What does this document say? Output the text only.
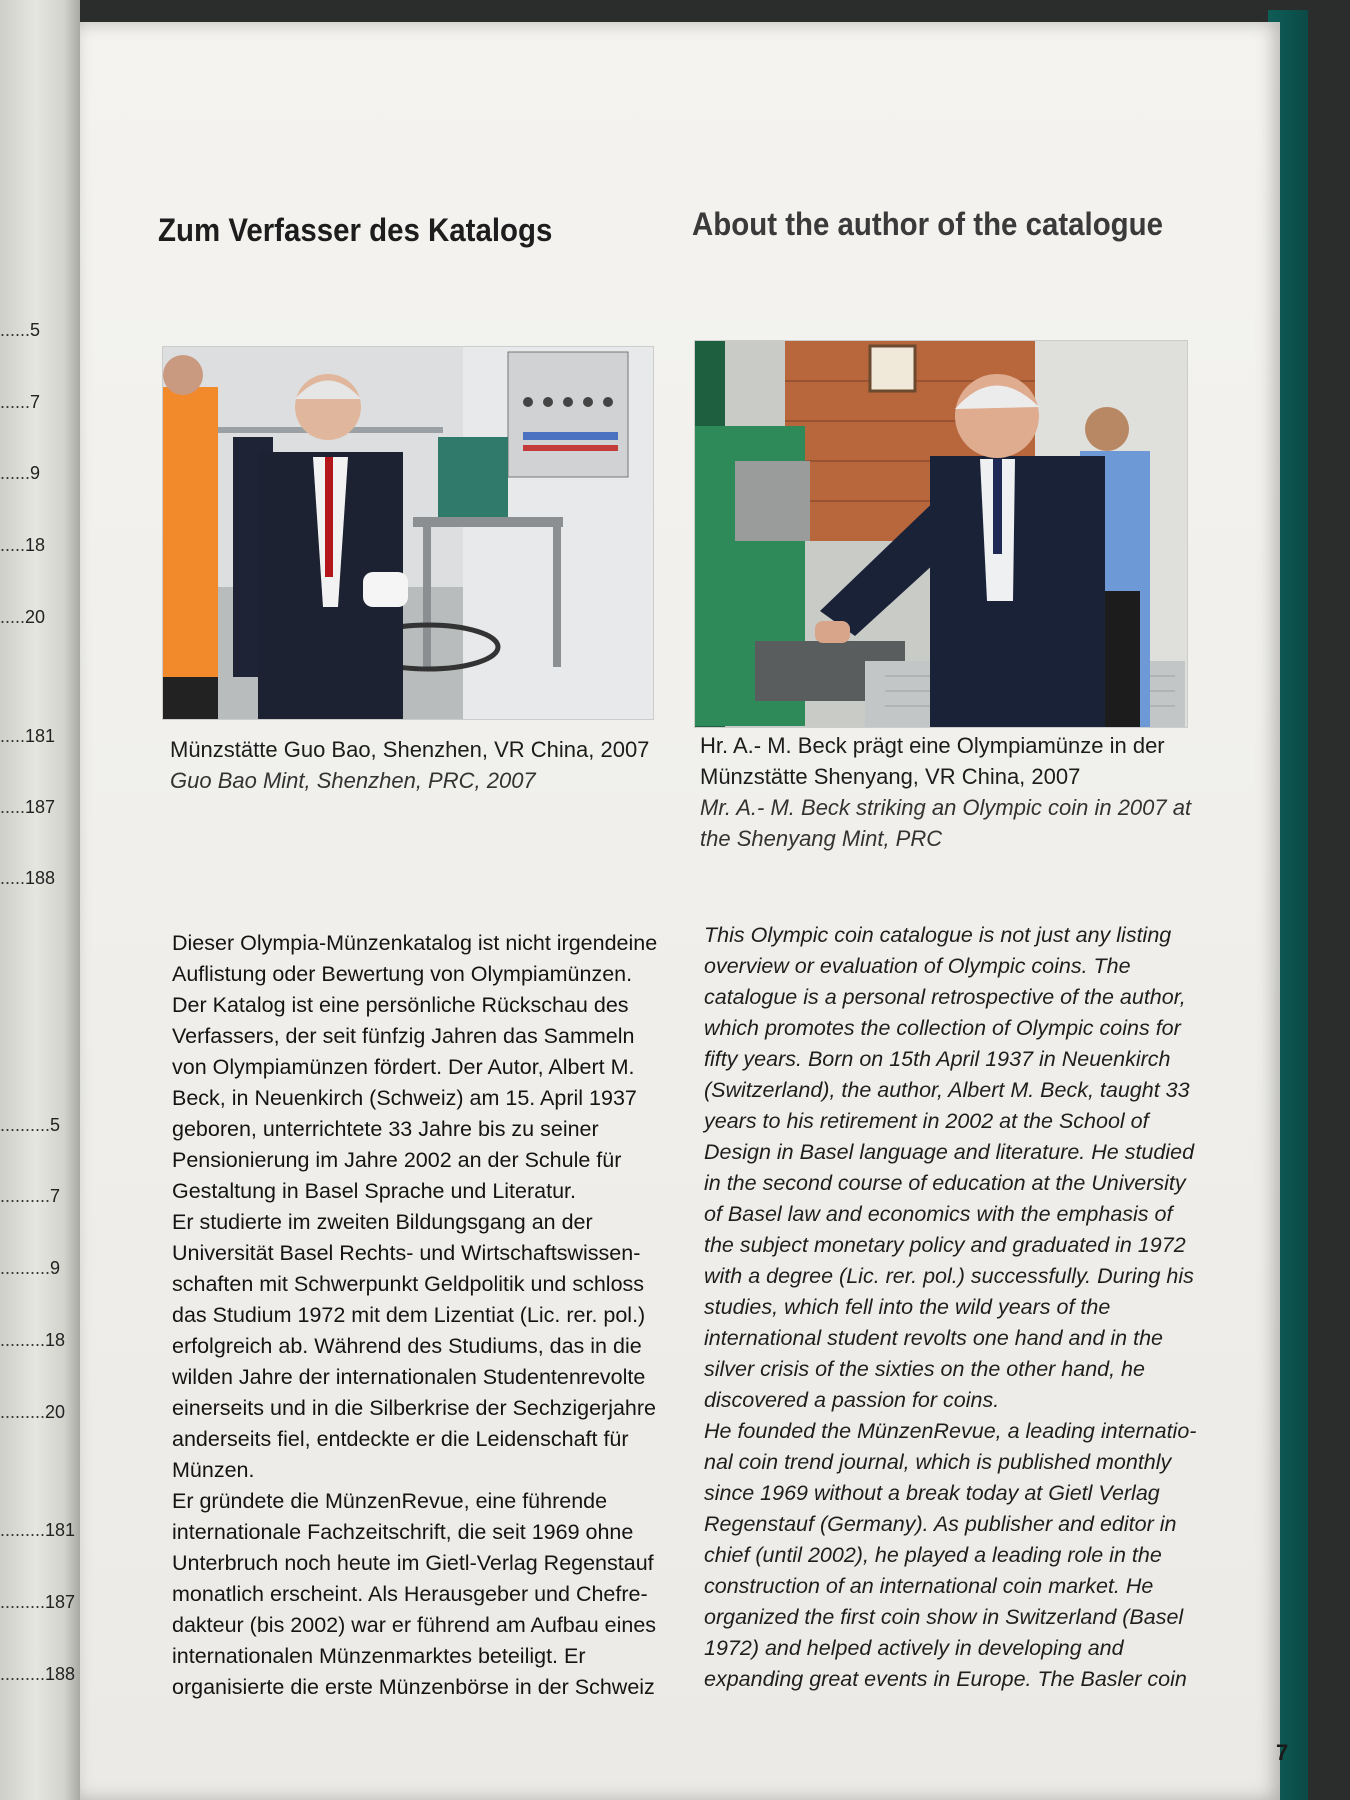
......5
......7
......9
.....18
.....20
.....181
.....187
.....188
..........5
..........7
..........9
.........18
.........20
.........181
.........187
.........188
Zum Verfasser des Katalogs	About the author of the catalogue
Münzstätte Guo Bao, Shenzhen, VR China, 2007
Guo Bao Mint, Shenzhen, PRC, 2007
Hr. A.- M. Beck prägt eine Olympiamünze in der
Münzstätte Shenyang, VR China, 2007
Mr. A.- M. Beck striking an Olympic coin in 2007 at
the Shenyang Mint, PRC
Dieser Olympia-Münzenkatalog ist nicht irgendeine
Auflistung oder Bewertung von Olympiamünzen.
Der Katalog ist eine persönliche Rückschau des
Verfassers, der seit fünfzig Jahren das Sammeln
von Olympiamünzen fördert. Der Autor, Albert M.
Beck, in Neuenkirch (Schweiz) am 15. April 1937
geboren, unterrichtete 33 Jahre bis zu seiner
Pensionierung im Jahre 2002 an der Schule für
Gestaltung in Basel Sprache und Literatur.
Er studierte im zweiten Bildungsgang an der
Universität Basel Rechts- und Wirtschaftswissen-
schaften mit Schwerpunkt Geldpolitik und schloss
das Studium 1972 mit dem Lizentiat (Lic. rer. pol.)
erfolgreich ab. Während des Studiums, das in die
wilden Jahre der internationalen Studentenrevolte
einerseits und in die Silberkrise der Sechzigerjahre
anderseits fiel, entdeckte er die Leidenschaft für
Münzen.
Er gründete die MünzenRevue, eine führende
internationale Fachzeitschrift, die seit 1969 ohne
Unterbruch noch heute im Gietl-Verlag Regenstauf
monatlich erscheint. Als Herausgeber und Chefre-
dakteur (bis 2002) war er führend am Aufbau eines
internationalen Münzenmarktes beteiligt. Er
organisierte die erste Münzenbörse in der Schweiz
This Olympic coin catalogue is not just any listing
overview or evaluation of Olympic coins. The
catalogue is a personal retrospective of the author,
which promotes the collection of Olympic coins for
fifty years. Born on 15th April 1937 in Neuenkirch
(Switzerland), the author, Albert M. Beck, taught 33
years to his retirement in 2002 at the School of
Design in Basel language and literature. He studied
in the second course of education at the University
of Basel law and economics with the emphasis of
the subject monetary policy and graduated in 1972
with a degree (Lic. rer. pol.) successfully. During his
studies, which fell into the wild years of the
international student revolts one hand and in the
silver crisis of the sixties on the other hand, he
discovered a passion for coins.
He founded the MünzenRevue, a leading internatio-
nal coin trend journal, which is published monthly
since 1969 without a break today at Gietl Verlag
Regenstauf (Germany). As publisher and editor in
chief (until 2002), he played a leading role in the
construction of an international coin market. He
organized the first coin show in Switzerland (Basel
1972) and helped actively in developing and
expanding great events in Europe. The Basler coin
7
